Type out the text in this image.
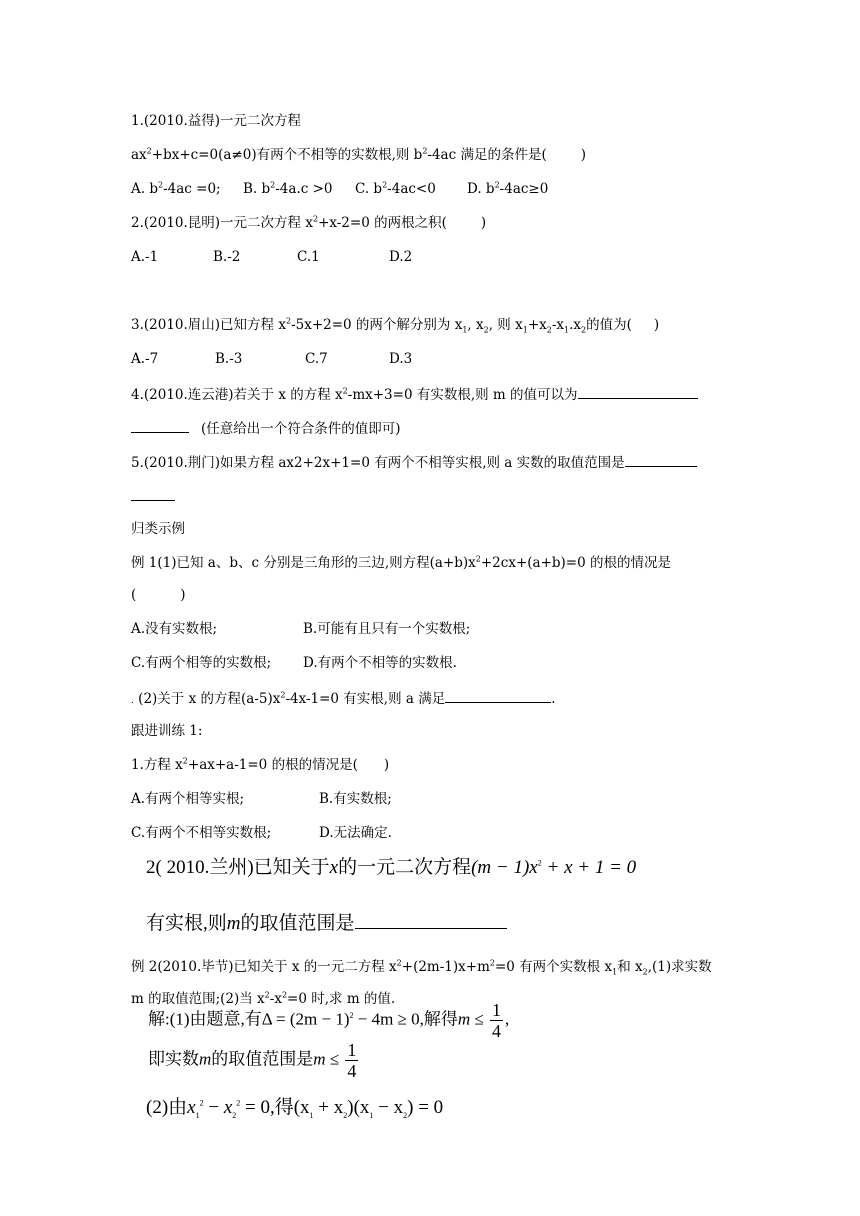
1.(2010.益得)一元二次方程
$ax^2+bx+c=0(a\ne 0)$有两个不相等的实数根,则 $b^2-4ac$ 满足的条件是(	)
A. $b^2-4ac =0$; B. $b^2-4a.c >0$ C. $b^2-4ac<0$ D. $b^2-4ac\ge 0$
2.(2010.昆明)一元二次方程 $x^2+x-2=0$ 的两根之积(	)
A.-1	B.-2	C.1	D.2
3.(2010.眉山)已知方程 $x^2-5x+2=0$ 的两个解分别为 $x_1$, $x_2$, 则 $x_1+x_2-x_1.x_2$的值为( )
A.-7	B.-3	C.7	D.3
4.(2010.连云港)若关于 x 的方程 $x^2-mx+3=0$ 有实数根,则 m 的值可以为
(任意给出一个符合条件的值即可)
5.(2010.荆门)如果方程 ax2+2x+1=0 有两个不相等实根,则 a 实数的取值范围是
归类示例
例 1(1)已知 a、b、c 分别是三角形的三边,则方程$(a+b)x^2+2cx+(a+b)=0$ 的根的情况是
(	)
A.没有实数根;	B.可能有且只有一个实数根;
C.有两个相等的实数根; D.有两个不相等的实数根.
. (2)关于 x 的方程$(a-5)x^2-4x-1=0$ 有实根,则 a 满足	.
跟进训练 1:
1.方程 $x^2+ax+a-1=0$ 的根的情况是( )
A.有两个相等实根;	B.有实数根;
C.有两个不相等实数根;	D.无法确定.
2( 2010.兰州)已知关于x的一元二次方程$(m - 1)x^2 + x + 1 = 0$
有实根,则m的取值范围是
例 2(2010.毕节)已知关于 x 的一元二方程 $x^2+(2m-1)x+m^2=0$ 有两个实数根 $x_1$和 $x_2,(1)$求实数
m 的取值范围;(2)当 $x^2-x^2=0$ 时,求 m 的值.
解:(1)由题意,有$\Delta = (2m - 1)^2 - 4m \ge 0$,解得$m \le \frac{1}{4}$ ,
即实数m的取值范围是$m \le \frac{1}{4}$
(2)由$x_1^2 - x_2^2 = 0$,得$(x_1 + x_2)(x_1 - x_2) = 0$
